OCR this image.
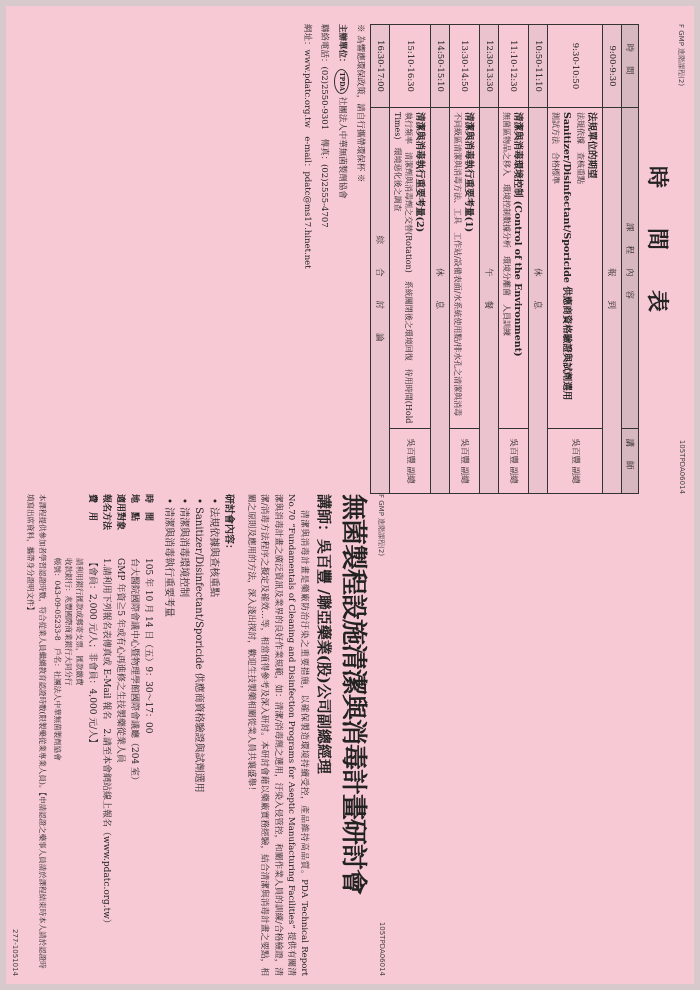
F GMP 進階課程(2)
105TPDA06014
無菌製程設施清潔與消毒計畫研討會
講師：吳百豐 /聯亞藥業(股)公司副總經理

清潔與消毒計畫是藥廠防治汙染之重要措施，以確保製造環境持續受控，產品維持高品質。PDA Technical Report No.70 “Fundamentals of Cleaning and Disinfection Programs for Aseptic Manufacturing Facilities” 提供有關清潔與消毒計畫之廣泛資訊及業界的良好作業規範，如：清潔/消毒劑之選用，汙染入侵管控，和關作業人員的訓練/合格檢證，清潔/消毒方法程序之擬定及確效…等，相當值得參考及深入研討。本研討會藉以藥廠實務經驗，結合清潔與消毒計畫之要點，相關之原則及應用的方法，深入淺出探討，歡迎生技製藥相關從業人員共襄盛舉！

研討會內容：
• 法規依據與查核重點
• Sanitizer/Disinfectant/Sporicide 供應商資格驗證與試劑選用
• 清潔與消毒環境控制
• 清潔與消毒執行重要考量
時　間
105 年 10 月 14 日（五）9：30～17：00
地　點
台大醫院國際會議中心暨物理學館國際會議廳（204 室）
適用對象
GMP 年資≧5 年或有心再進修之生技製藥從業人員
報名方法
1.請利用下列報名表傳真或 E-Mail 報名　2.請至本會網站線上報名（www.pdatc.org.tw）
費　用
【會員：2,000 元/人；非會員：4,000 元/人】
請利用銀行匯款或郵寄支票，匯款繳費
收款銀行：兆豐國際商業銀行大同分行
帳號：043-09-05233-8　戶名：社團法人中華無菌製劑協會
本課程提供參加者學習認證時數，符合從業人員繼續教育認證時數(限製藥從業專業人員)。【申請認證之藥事人員請於課程結束時本人請於認證時填寫出席資料，攜帶身分證明文件】
277-1051014
F GMP 進階課程(2)
105TPDA06014
時間表
時間	課程內容	講師
9:00-9:30	報到	
9:30-10:50	法規單位的期望
法規依據　查核重點
Sanitizer/Disinfectant/Sporicide 供應商資格驗證與試劑選用
測試方法　合格標準	吳百豐 副總
10:50-11:10	休息	
11:10-12:30	清潔與消毒環境控制 (Control of the Environment)
無菌區物品之移入　環境控制數據分析　環境分離菌　人員訓練	吳百豐 副總
12:30-13:30	午餐	
13:30-14:50	清潔與消毒執行重要考量(1)
不同級區清潔與消毒方法、工具　工作站/設備表面/水系統使用點/排水孔之清潔與消毒	吳百豐 副總
14:50-15:10	休息	
15:10-16:30	清潔與消毒執行重要考量(2)
執行頻率　清潔劑與消毒劑之交替(Rotation)　系統關閉後之環境回復　待用時間(Hold Times)　環境惡化後之調查	吳百豐 副總
16:30-17:00	綜合討論	
※ 為響應環保政策，請自行攜帶環保杯 ※
主辦單位： TPDA 社團法人中華無菌製劑協會
聯絡電話：(02)2550-9301　傳真：(02)2555-4707
網址：www.pdatc.org.tw　e-mail：pdatc@ms17.hinet.net
